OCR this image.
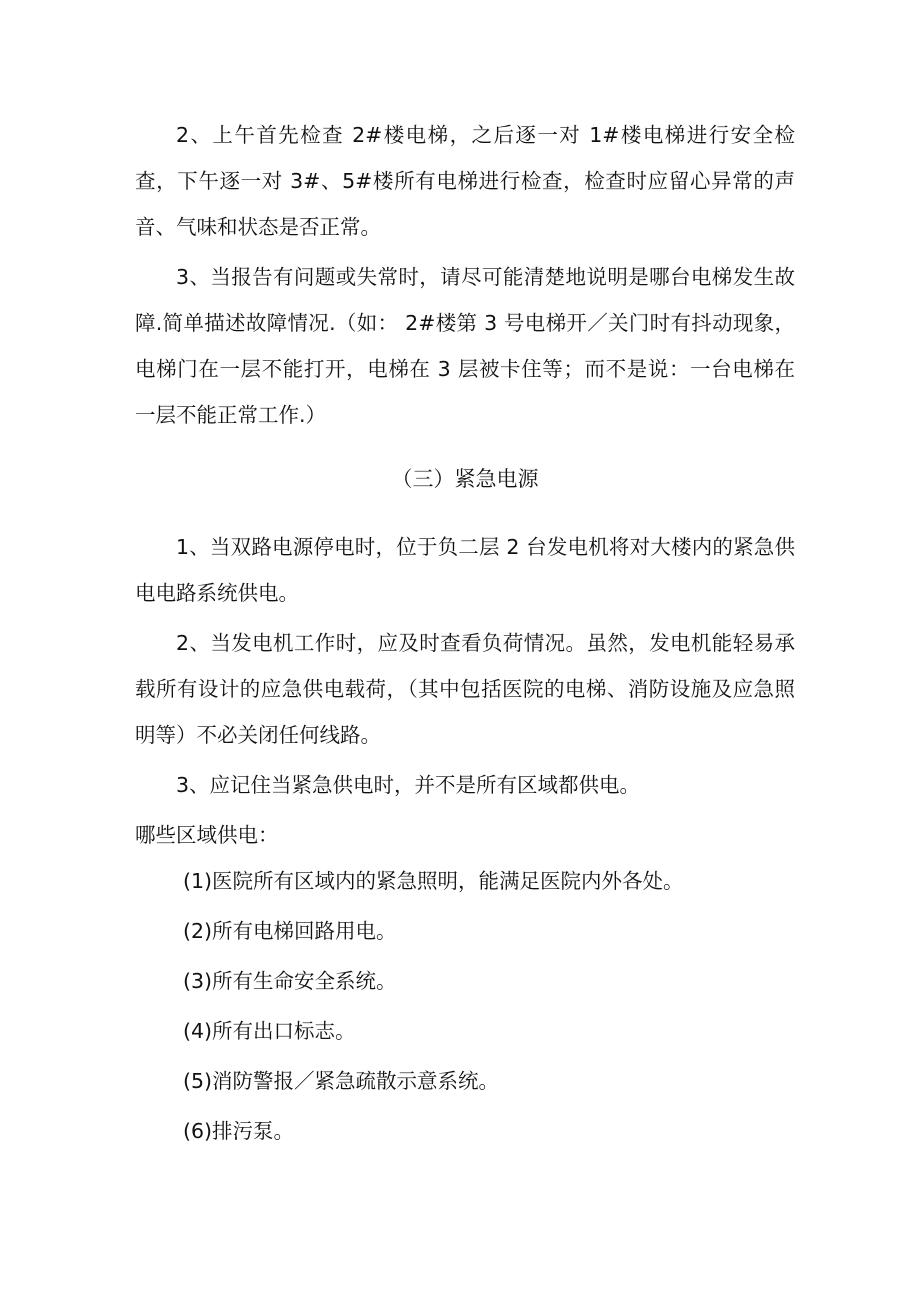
2、上午首先检查 2#楼电梯，之后逐一对 1#楼电梯进行安全检查，下午逐一对 3#、5#楼所有电梯进行检查，检查时应留心异常的声音、气味和状态是否正常。

3、当报告有问题或失常时，请尽可能清楚地说明是哪台电梯发生故障.简单描述故障情况.（如： 2#楼第 3 号电梯开／关门时有抖动现象，电梯门在一层不能打开，电梯在 3 层被卡住等；而不是说：一台电梯在一层不能正常工作.）

（三）紧急电源

1、当双路电源停电时，位于负二层 2 台发电机将对大楼内的紧急供电电路系统供电。

2、当发电机工作时，应及时查看负荷情况。虽然，发电机能轻易承载所有设计的应急供电载荷，（其中包括医院的电梯、消防设施及应急照明等）不必关闭任何线路。

3、应记住当紧急供电时，并不是所有区域都供电。

哪些区域供电：

(1)医院所有区域内的紧急照明，能满足医院内外各处。
(2)所有电梯回路用电。
(3)所有生命安全系统。
(4)所有出口标志。
(5)消防警报／紧急疏散示意系统。
(6)排污泵。
